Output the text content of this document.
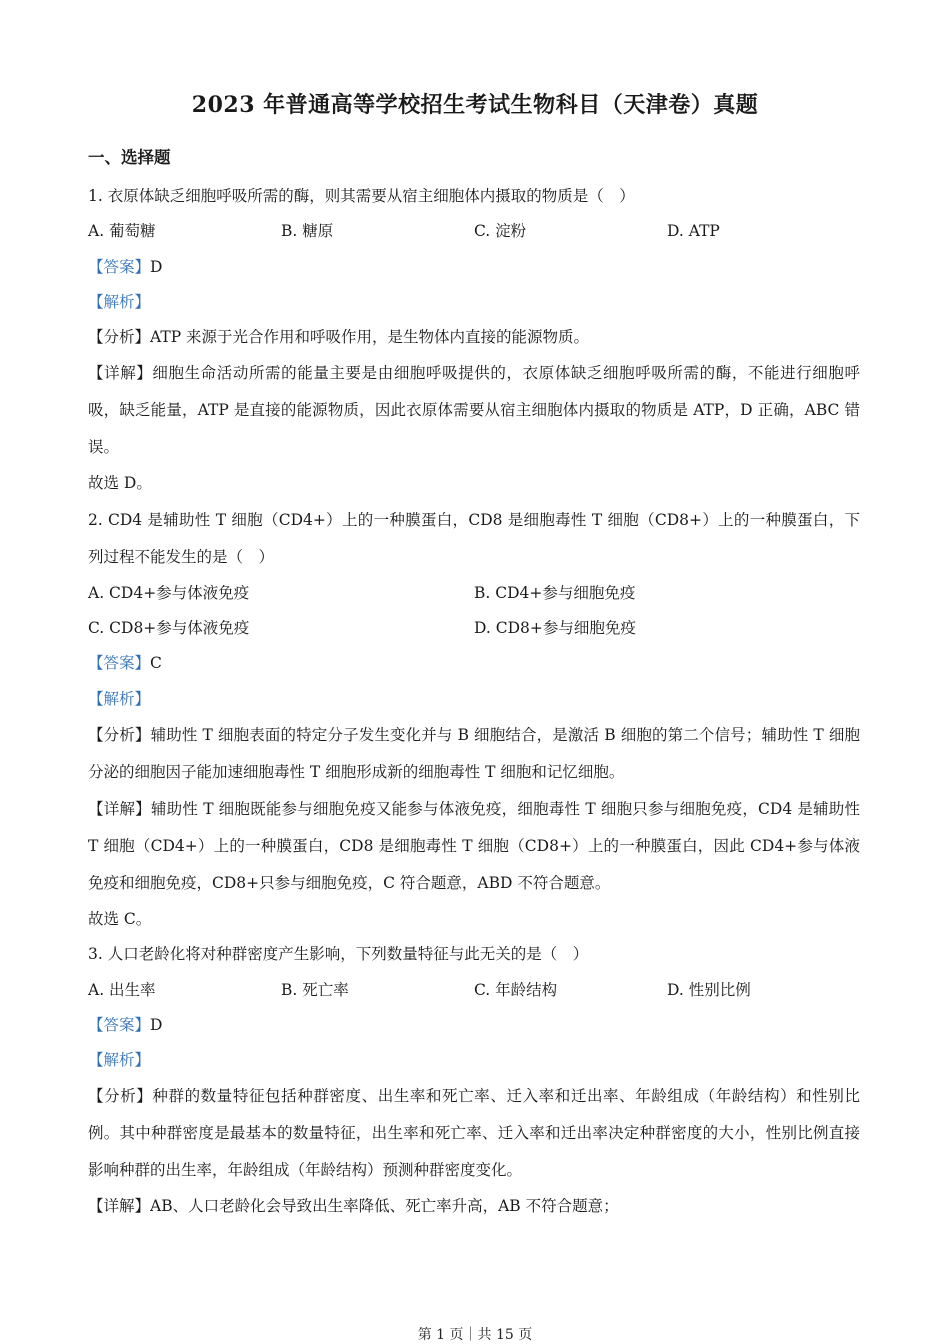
2023 年普通高等学校招生考试生物科目（天津卷）真题
一、选择题
1. 衣原体缺乏细胞呼吸所需的酶，则其需要从宿主细胞体内摄取的物质是（　）
A. 葡萄糖	B. 糖原	C. 淀粉	D. ATP
【答案】D
【解析】
【分析】ATP 来源于光合作用和呼吸作用，是生物体内直接的能源物质。
【详解】细胞生命活动所需的能量主要是由细胞呼吸提供的，衣原体缺乏细胞呼吸所需的酶，不能进行细胞呼吸，缺乏能量，ATP 是直接的能源物质，因此衣原体需要从宿主细胞体内摄取的物质是 ATP，D 正确，ABC 错误。
故选 D。
2. CD4 是辅助性 T 细胞（CD4+）上的一种膜蛋白，CD8 是细胞毒性 T 细胞（CD8+）上的一种膜蛋白，下列过程不能发生的是（　）
A. CD4+参与体液免疫	B. CD4+参与细胞免疫
C. CD8+参与体液免疫	D. CD8+参与细胞免疫
【答案】C
【解析】
【分析】辅助性 T 细胞表面的特定分子发生变化并与 B 细胞结合，是激活 B 细胞的第二个信号；辅助性 T 细胞分泌的细胞因子能加速细胞毒性 T 细胞形成新的细胞毒性 T 细胞和记忆细胞。
【详解】辅助性 T 细胞既能参与细胞免疫又能参与体液免疫，细胞毒性 T 细胞只参与细胞免疫，CD4 是辅助性 T 细胞（CD4+）上的一种膜蛋白，CD8 是细胞毒性 T 细胞（CD8+）上的一种膜蛋白，因此 CD4+参与体液免疫和细胞免疫，CD8+只参与细胞免疫，C 符合题意，ABD 不符合题意。
故选 C。
3. 人口老龄化将对种群密度产生影响，下列数量特征与此无关的是（　）
A. 出生率	B. 死亡率	C. 年龄结构	D. 性别比例
【答案】D
【解析】
【分析】种群的数量特征包括种群密度、出生率和死亡率、迁入率和迁出率、年龄组成（年龄结构）和性别比例。其中种群密度是最基本的数量特征，出生率和死亡率、迁入率和迁出率决定种群密度的大小，性别比例直接影响种群的出生率，年龄组成（年龄结构）预测种群密度变化。
【详解】AB、人口老龄化会导致出生率降低、死亡率升高，AB 不符合题意；
第 1 页｜共 15 页
